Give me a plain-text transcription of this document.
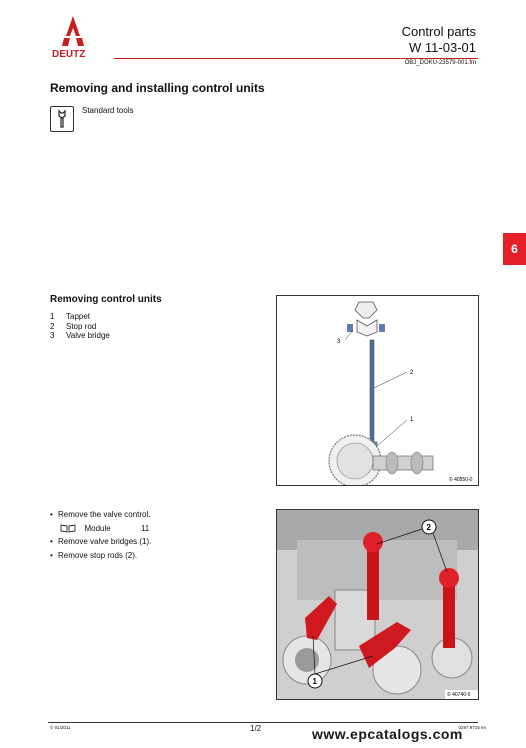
DEUTZ
Control parts
W 11-03-01
OBJ_DOKU-23579-001.fm
Removing and installing control units
Standard tools
6
Removing control units
1 Tappet
2 Stop rod
3 Valve bridge
3
2
1
© 40550-0
• Remove the valve control.
Module	11
• Remove valve bridges (1).
• Remove stop rods (2).
1
2
© 40740-0
© 01/2011	1/2	0297 9715 en
www.epcatalogs.com
